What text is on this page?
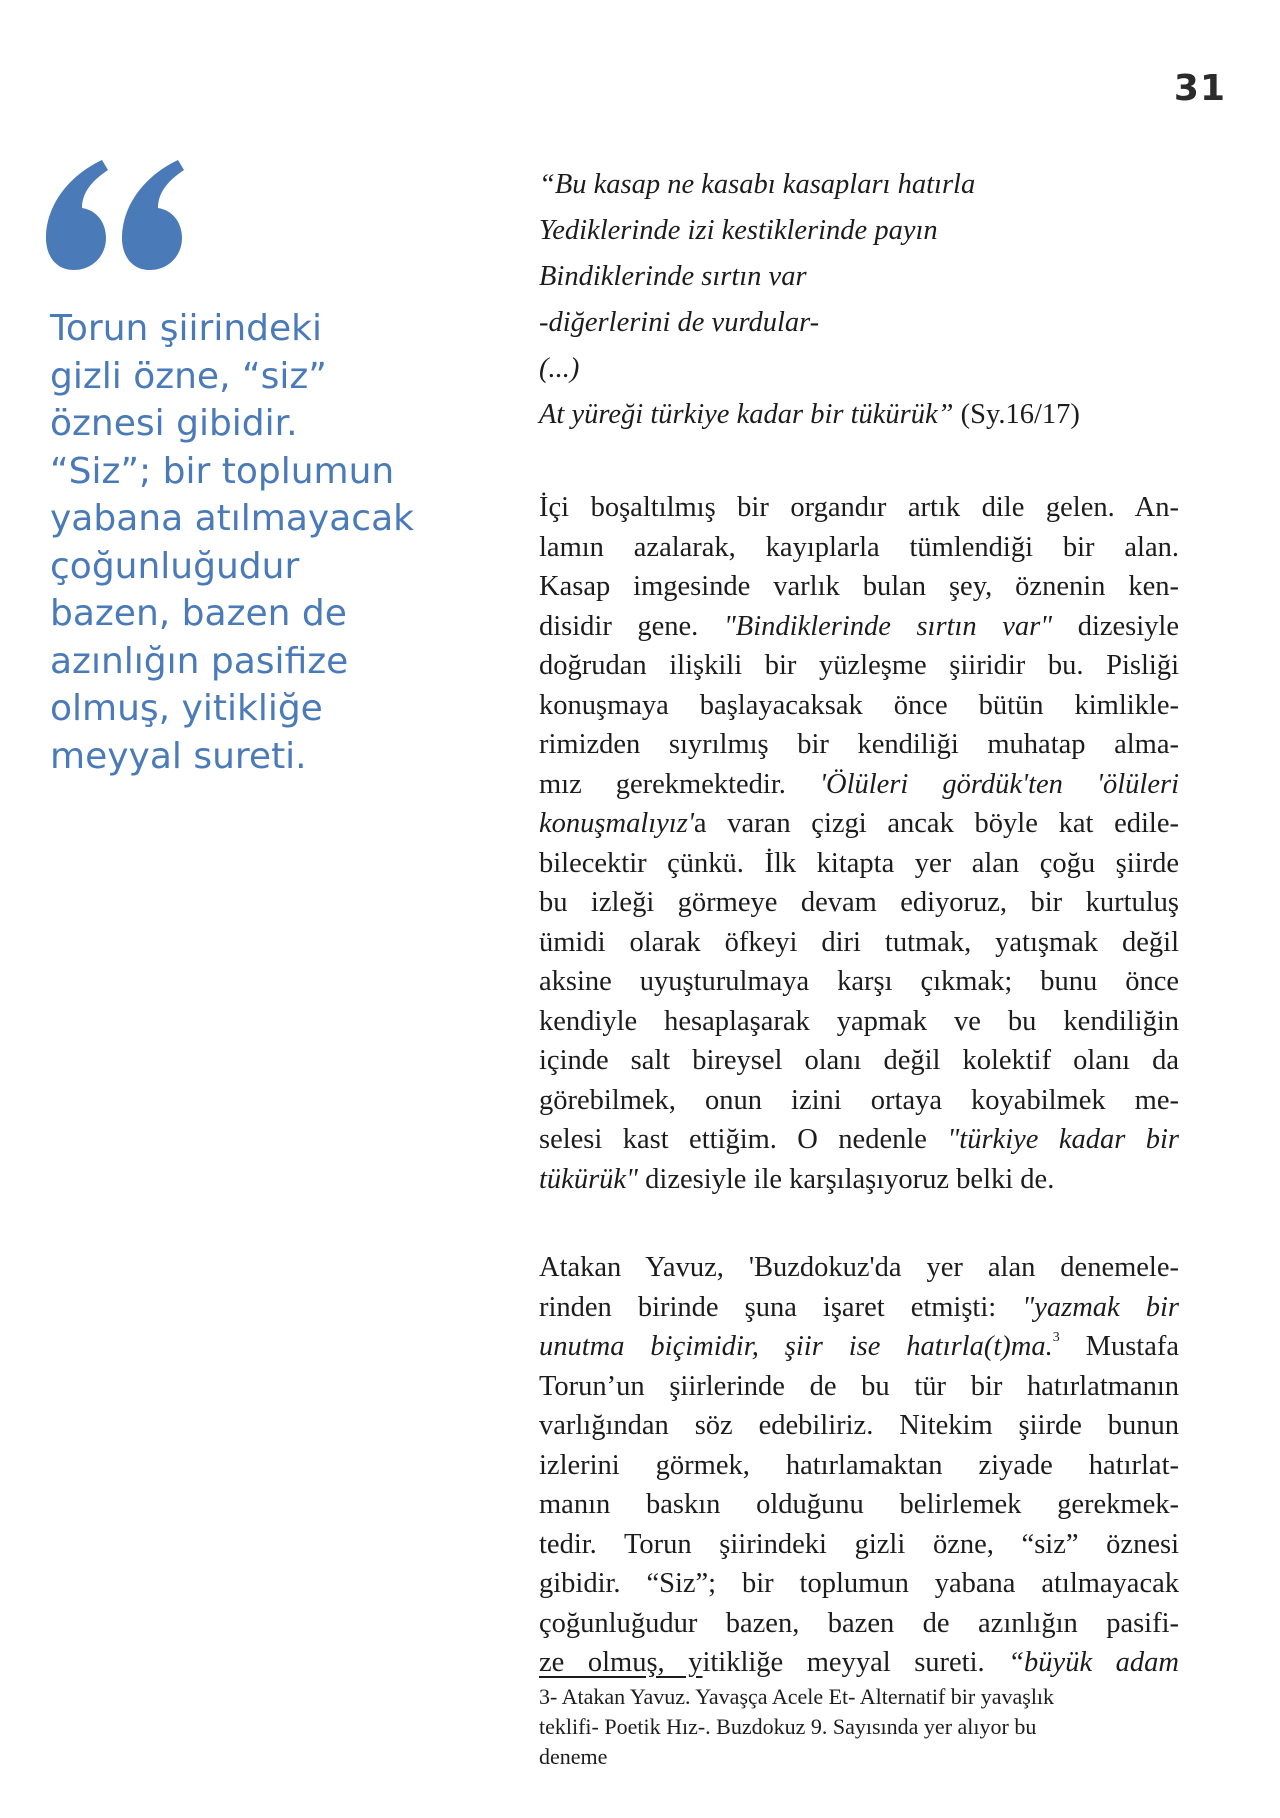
31

Torun şiirindeki
gizli özne, “siz”
öznesi gibidir.
“Siz”; bir toplumun
yabana atılmayacak
çoğunluğudur
bazen, bazen de
azınlığın pasifize
olmuş, yitikliğe
meyyal sureti.

“Bu kasap ne kasabı kasapları hatırla
Yediklerinde izi kestiklerinde payın
Bindiklerinde sırtın var
-diğerlerini de vurdular-
(...)
At yüreği türkiye kadar bir tükürük” (Sy.16/17)
İçi boşaltılmış bir organdır artık dile gelen. An-
lamın azalarak, kayıplarla tümlendiği bir alan.
Kasap imgesinde varlık bulan şey, öznenin ken-
disidir gene. "Bindiklerinde sırtın var" dizesiyle
doğrudan ilişkili bir yüzleşme şiiridir bu. Pisliği
konuşmaya başlayacaksak önce bütün kimlikle-
rimizden sıyrılmış bir kendiliği muhatap alma-
mız gerekmektedir. 'Ölüleri gördük'ten 'ölüleri
konuşmalıyız'a varan çizgi ancak böyle kat edile-
bilecektir çünkü. İlk kitapta yer alan çoğu şiirde
bu izleği görmeye devam ediyoruz, bir kurtuluş
ümidi olarak öfkeyi diri tutmak, yatışmak değil
aksine uyuşturulmaya karşı çıkmak; bunu önce
kendiyle hesaplaşarak yapmak ve bu kendiliğin
içinde salt bireysel olanı değil kolektif olanı da
görebilmek, onun izini ortaya koyabilmek me-
selesi kast ettiğim. O nedenle "türkiye kadar bir
tükürük" dizesiyle ile karşılaşıyoruz belki de.
Atakan Yavuz, 'Buzdokuz'da yer alan denemele-
rinden birinde şuna işaret etmişti: "yazmak bir
unutma biçimidir, şiir ise hatırla(t)ma.$^3$ Mustafa
Torun’un şiirlerinde de bu tür bir hatırlatmanın
varlığından söz edebiliriz. Nitekim şiirde bunun
izlerini görmek, hatırlamaktan ziyade hatırlat-
manın baskın olduğunu belirlemek gerekmek-
tedir. Torun şiirindeki gizli özne, “siz” öznesi
gibidir. “Siz”; bir toplumun yabana atılmayacak
çoğunluğudur bazen, bazen de azınlığın pasifi-
ze olmuş, yitikliğe meyyal sureti. “büyük adam
3- Atakan Yavuz. Yavaşça Acele Et- Alternatif bir yavaşlık
teklifi- Poetik Hız-. Buzdokuz 9. Sayısında yer alıyor bu
deneme
